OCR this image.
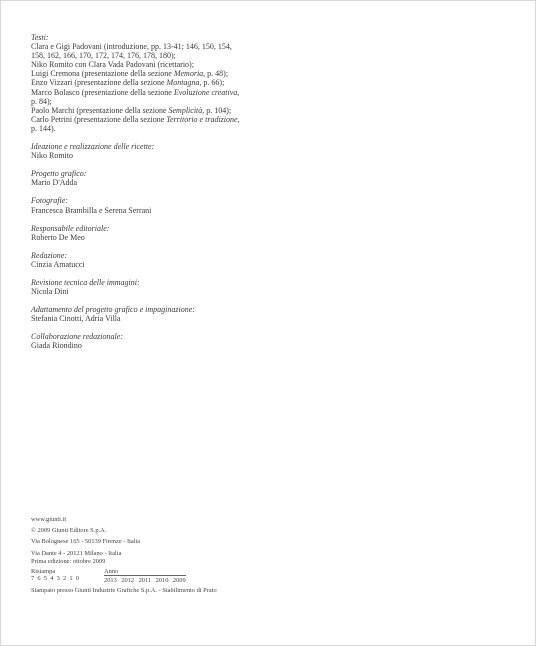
Testi:
Clara e Gigi Padovani (introduzione, pp. 13-41; 146, 150, 154,
158, 162, 166, 170, 172, 174, 176, 178, 180);
Niko Romito con Clara Vada Padovani (ricettario);
Luigi Cremona (presentazione della sezione Memoria, p. 48);
Enzo Vizzari (presentazione della sezione Montagna, p. 66);
Marco Bolasco (presentazione della sezione Evoluzione creativa,
p. 84);
Paolo Marchi (presentazione della sezione Semplicità, p. 104);
Carlo Petrini (presentazione della sezione Territorio e tradizione,
p. 144).
Ideazione e realizzazione delle ricette:
Niko Romito
Progetto grafico:
Mario D'Adda
Fotografie:
Francesca Brambilla e Serena Serrani
Responsabile editoriale:
Roberto De Meo
Redazione:
Cinzia Amatucci
Revisione tecnica delle immagini:
Nicola Dini
Adattamento del progetto grafico e impaginazione:
Stefania Cinotti, Adria Villa
Collaborazione redazionale:
Giada Riondino
www.giunti.it
© 2009 Giunti Editore S.p.A.
Via Bolognese 165 - 50139 Firenze - Italia
Via Dante 4 - 20121 Milano - Italia
Prima edizione: ottobre 2009
Ristampa
7 6 5 4 3 2 1 0
Anno
2013 2012 2011 2010 2009
Stampato presso Giunti Industrie Grafiche S.p.A. - Stabilimento di Prato
